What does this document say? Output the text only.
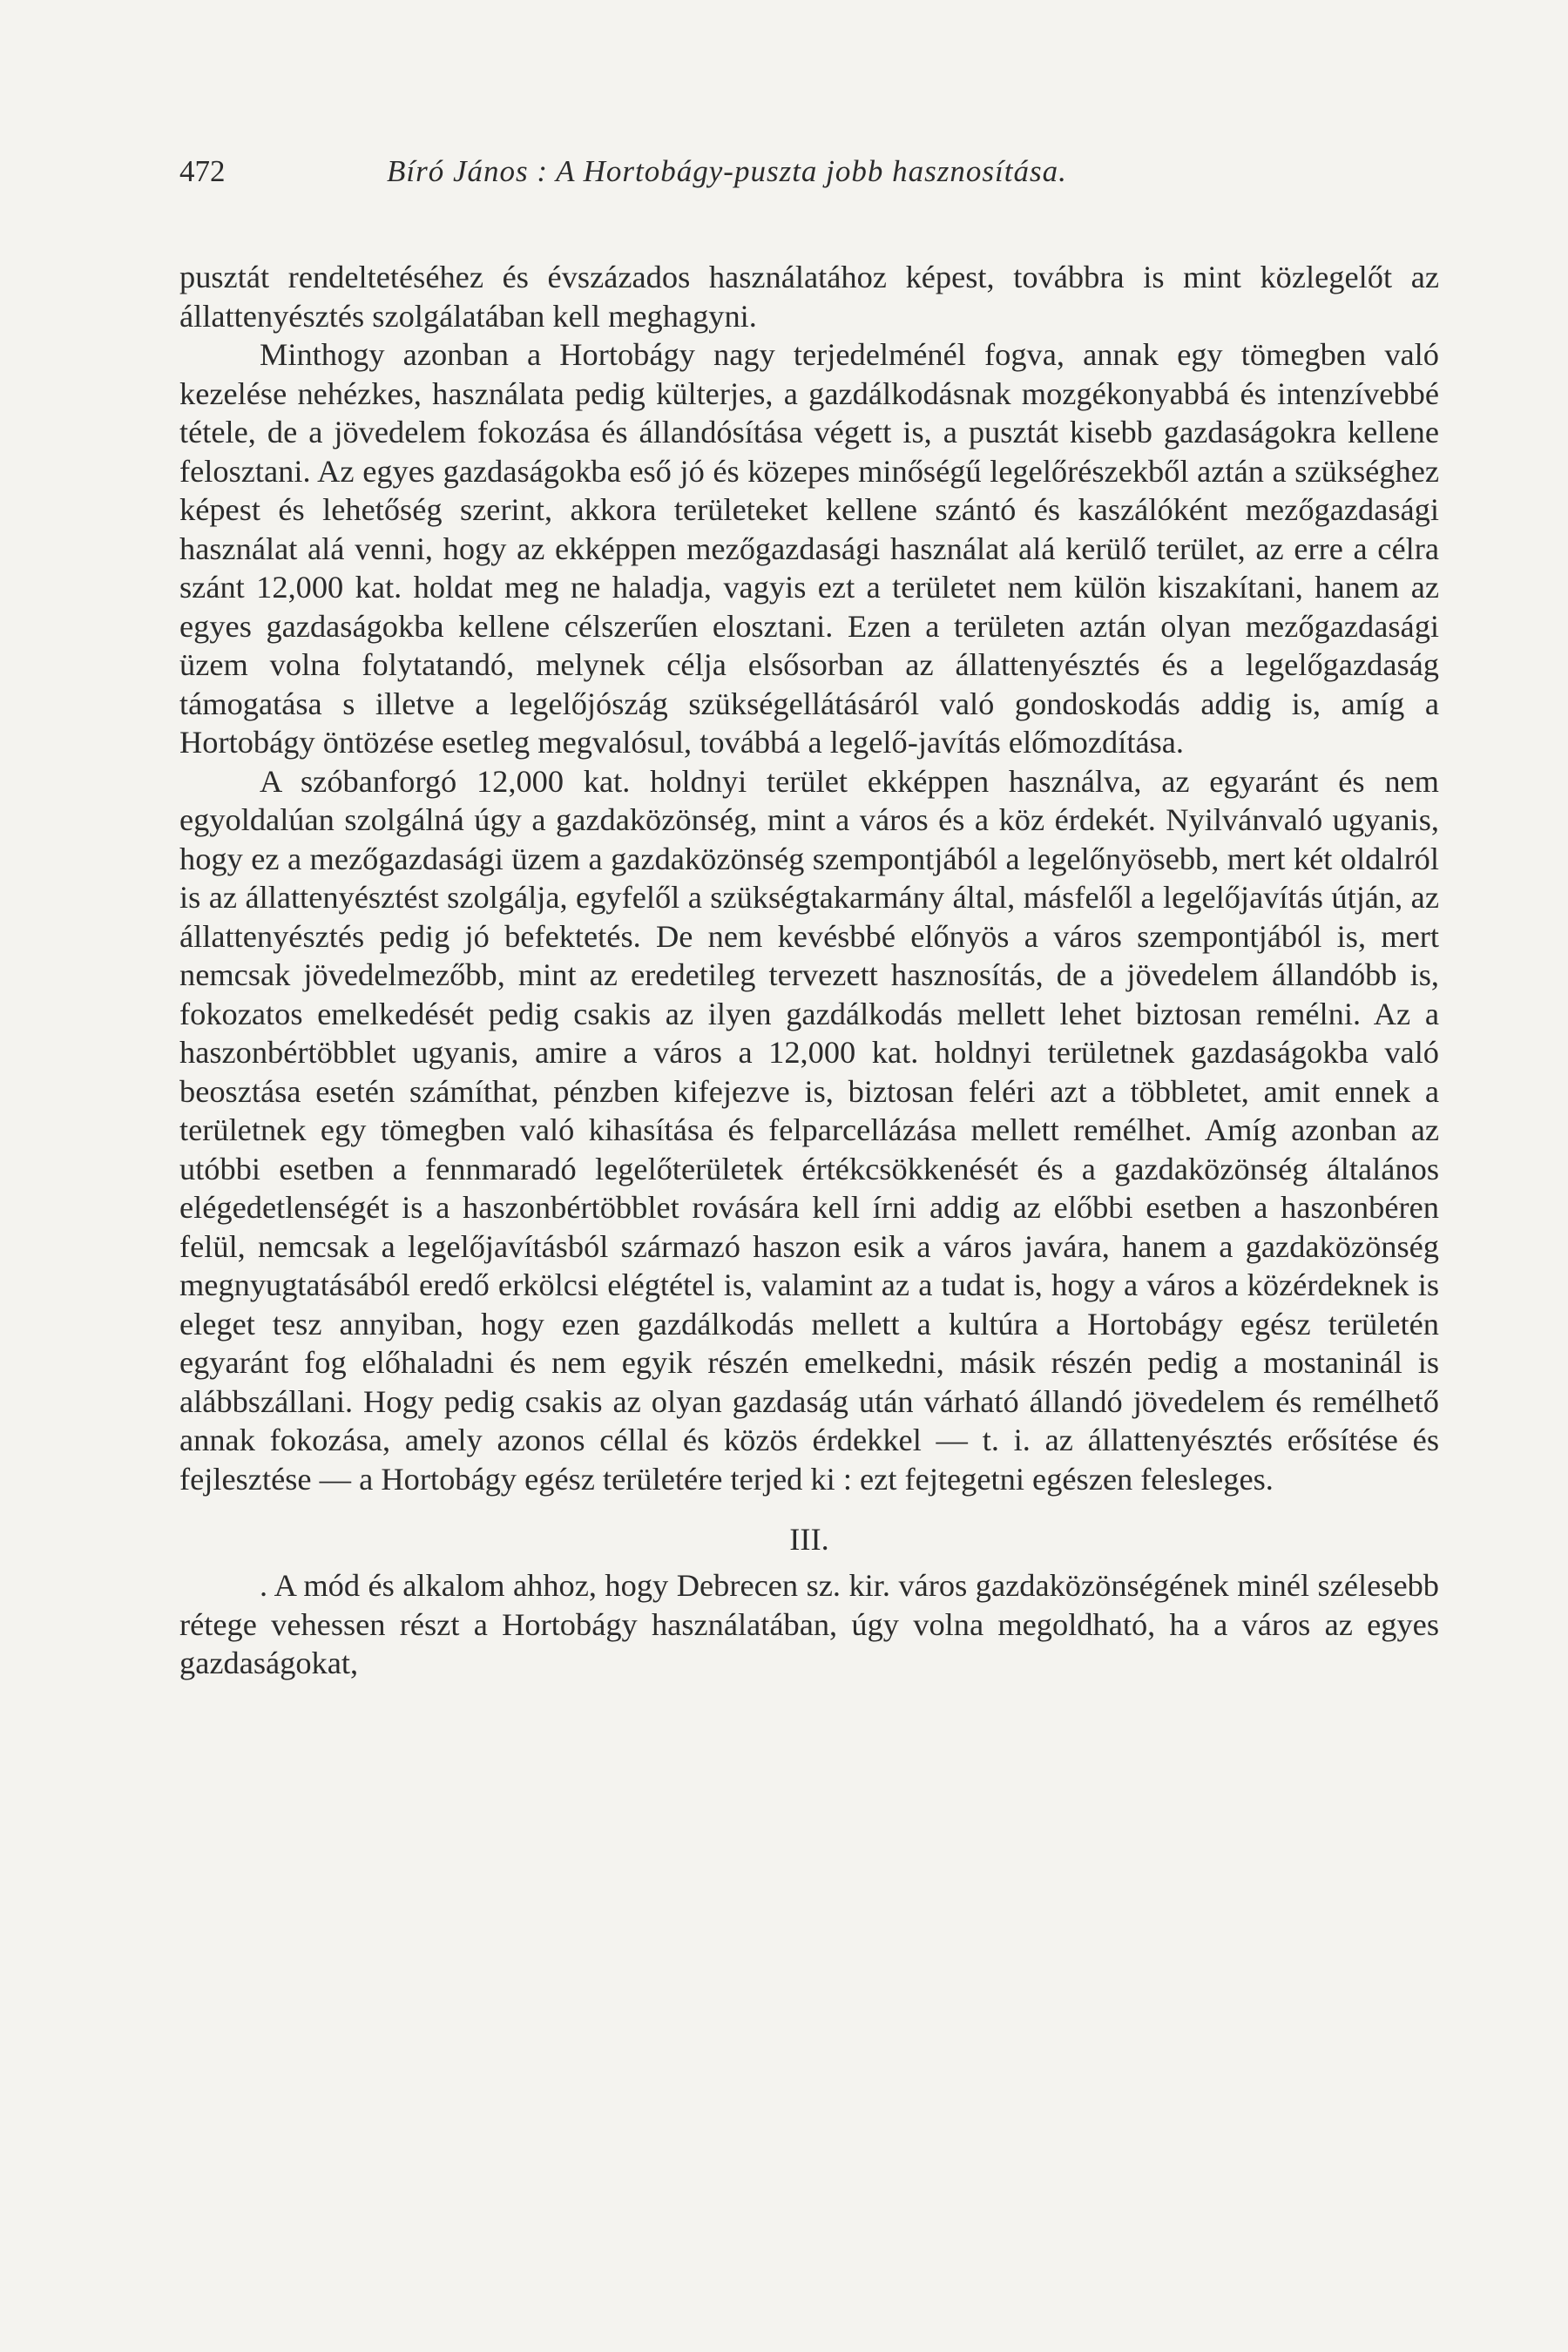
472	Bíró János : A Hortobágy-puszta jobb hasznosítása.

pusztát rendeltetéséhez és évszázados használatához képest, továbbra is mint közlegelőt az állattenyésztés szolgálatában kell meghagyni.

Minthogy azonban a Hortobágy nagy terjedelménél fogva, annak egy tömegben való kezelése nehézkes, használata pedig külterjes, a gazdálkodásnak mozgékonyabbá és intenzívebbé tétele, de a jövedelem fokozása és állandósítása végett is, a pusztát kisebb gazdaságokra kellene felosztani. Az egyes gazdaságokba eső jó és közepes minőségű legelőrészekből aztán a szükséghez képest és lehetőség szerint, akkora területeket kellene szántó és kaszálóként mezőgazdasági használat alá venni, hogy az ekképpen mezőgazdasági használat alá kerülő terület, az erre a célra szánt 12,000 kat. holdat meg ne haladja, vagyis ezt a területet nem külön kiszakítani, hanem az egyes gazdaságokba kellene célszerűen elosztani. Ezen a területen aztán olyan mezőgazdasági üzem volna folytatandó, melynek célja elsősorban az állattenyésztés és a legelőgazdaság támogatása s illetve a legelőjószág szükségellátásáról való gondoskodás addig is, amíg a Hortobágy öntözése esetleg megvalósul, továbbá a legelő-javítás előmozdítása.

A szóbanforgó 12,000 kat. holdnyi terület ekképpen használva, az egyaránt és nem egyoldalúan szolgálná úgy a gazdaközönség, mint a város és a köz érdekét. Nyilvánvaló ugyanis, hogy ez a mezőgazdasági üzem a gazdaközönség szempontjából a legelőnyösebb, mert két oldalról is az állattenyésztést szolgálja, egyfelől a szükségtakarmány által, másfelől a legelőjavítás útján, az állattenyésztés pedig jó befektetés. De nem kevésbbé előnyös a város szempontjából is, mert nemcsak jövedelmezőbb, mint az eredetileg tervezett hasznosítás, de a jövedelem állandóbb is, fokozatos emelkedését pedig csakis az ilyen gazdálkodás mellett lehet biztosan remélni. Az a haszonbértöbblet ugyanis, amire a város a 12,000 kat. holdnyi területnek gazdaságokba való beosztása esetén számíthat, pénzben kifejezve is, biztosan feléri azt a többletet, amit ennek a területnek egy tömegben való kihasítása és felparcellázása mellett remélhet. Amíg azonban az utóbbi esetben a fennmaradó legelőterületek értékcsökkenését és a gazdaközönség általános elégedetlenségét is a haszonbértöbblet rovására kell írni addig az előbbi esetben a haszonbéren felül, nemcsak a legelőjavításból származó haszon esik a város javára, hanem a gazdaközönség megnyugtatásából eredő erkölcsi elégtétel is, valamint az a tudat is, hogy a város a közérdeknek is eleget tesz annyiban, hogy ezen gazdálkodás mellett a kultúra a Hortobágy egész területén egyaránt fog előhaladni és nem egyik részén emelkedni, másik részén pedig a mostaninál is alábbszállani. Hogy pedig csakis az olyan gazdaság után várható állandó jövedelem és remélhető annak fokozása, amely azonos céllal és közös érdekkel — t. i. az állattenyésztés erősítése és fejlesztése — a Hortobágy egész területére terjed ki : ezt fejtegetni egészen felesleges.

III.

. A mód és alkalom ahhoz, hogy Debrecen sz. kir. város gazdaközönségének minél szélesebb rétege vehessen részt a Hortobágy használatában, úgy volna megoldható, ha a város az egyes gazdaságokat,
